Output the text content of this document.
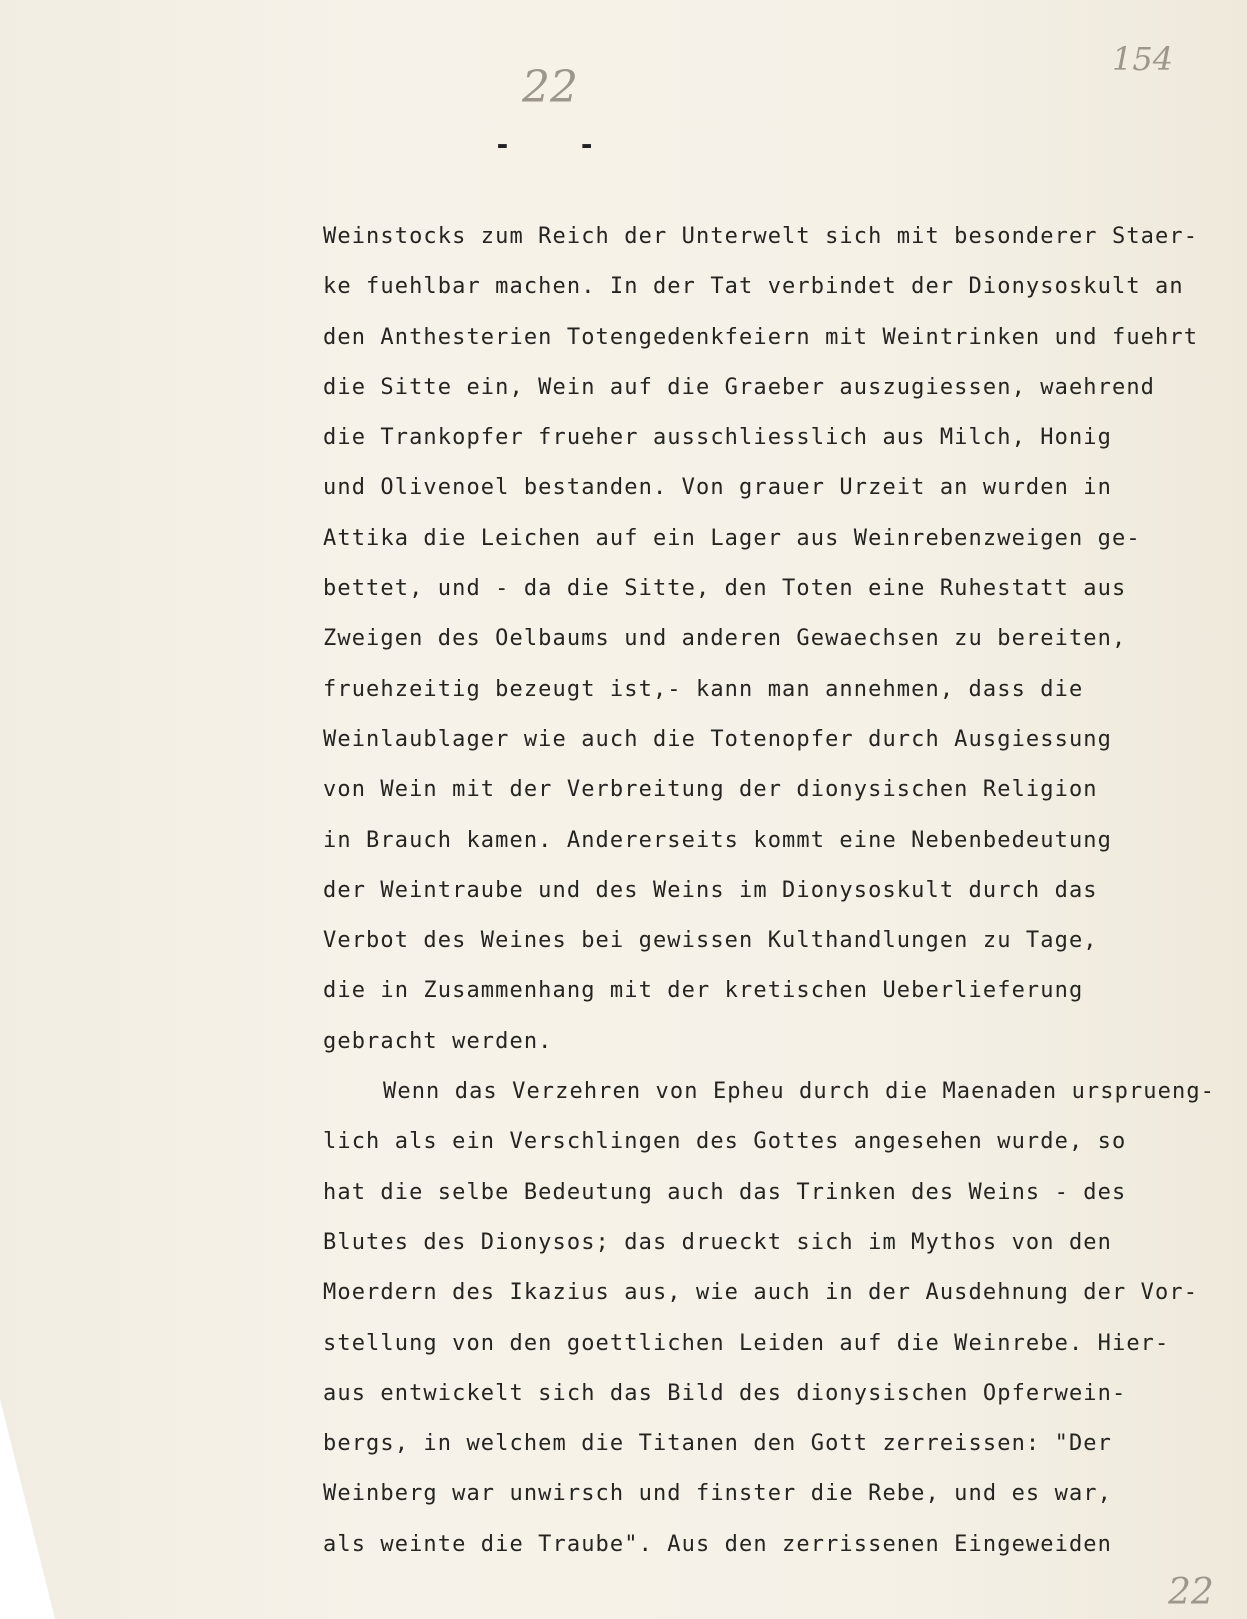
22
154
22
-    -
Weinstocks zum Reich der Unterwelt sich mit besonderer Staer-
ke fuehlbar machen. In der Tat verbindet der Dionysoskult an
den Anthesterien Totengedenkfeiern mit Weintrinken und fuehrt
die Sitte ein, Wein auf die Graeber auszugiessen, waehrend
die Trankopfer frueher ausschliesslich aus Milch, Honig
und Olivenoel bestanden. Von grauer Urzeit an wurden in
Attika die Leichen auf ein Lager aus Weinrebenzweigen ge-
bettet, und - da die Sitte, den Toten eine Ruhestatt aus
Zweigen des Oelbaums und anderen Gewaechsen zu bereiten,
fruehzeitig bezeugt ist,- kann man annehmen, dass die
Weinlaublager wie auch die Totenopfer durch Ausgiessung
von Wein mit der Verbreitung der dionysischen Religion
in Brauch kamen. Andererseits kommt eine Nebenbedeutung
der Weintraube und des Weins im Dionysoskult durch das
Verbot des Weines bei gewissen Kulthandlungen zu Tage,
die in Zusammenhang mit der kretischen Ueberlieferung
gebracht werden.
Wenn das Verzehren von Epheu durch die Maenaden ursprueng-
lich als ein Verschlingen des Gottes angesehen wurde, so
hat die selbe Bedeutung auch das Trinken des Weins - des
Blutes des Dionysos; das drueckt sich im Mythos von den
Moerdern des Ikazius aus, wie auch in der Ausdehnung der Vor-
stellung von den goettlichen Leiden auf die Weinrebe. Hier-
aus entwickelt sich das Bild des dionysischen Opferwein-
bergs, in welchem die Titanen den Gott zerreissen: "Der
Weinberg war unwirsch und finster die Rebe, und es war,
als weinte die Traube". Aus den zerrissenen Eingeweiden
